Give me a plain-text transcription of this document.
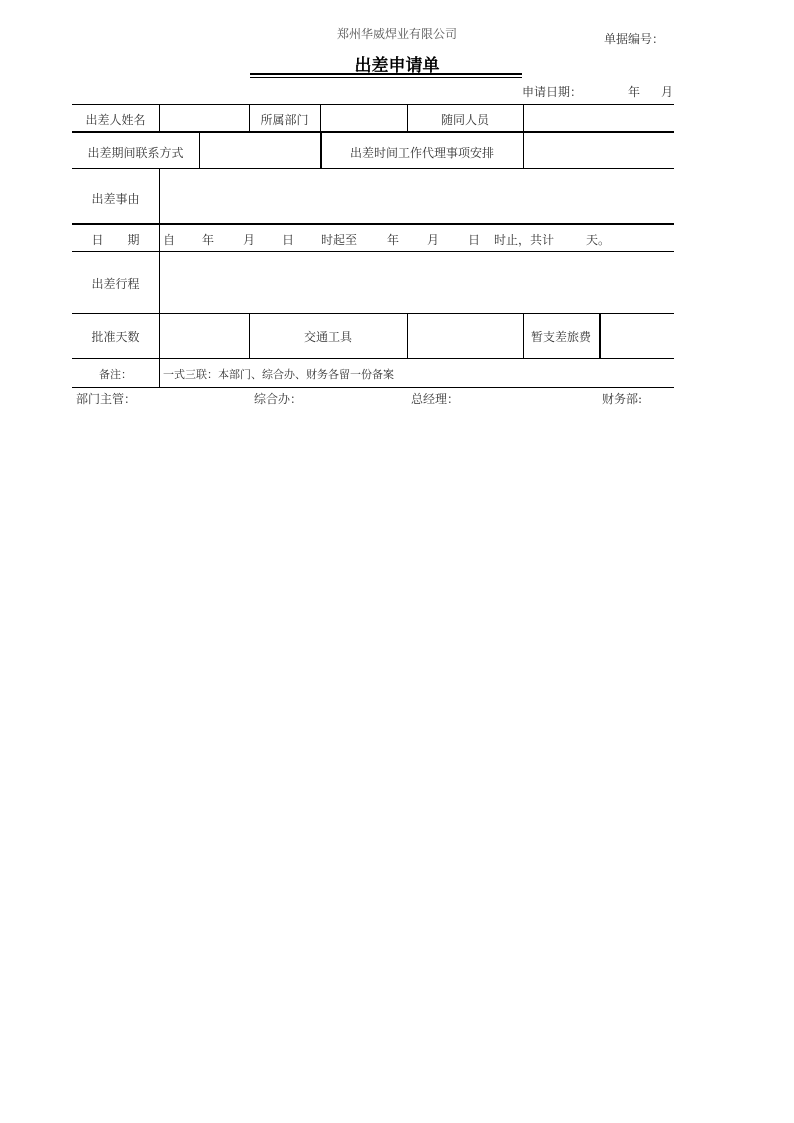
郑州华威焊业有限公司	单据编号：
出差申请单
申请日期：	年 月
出差人姓名	所属部门	随同人员
出差期间联系方式	出差时间工作代理事项安排
出差事由
日　　期	自 年 月 日 时起至 年 月 日 时止，共计	天。
出差行程
批准天数	交通工具	暂支差旅费
备注：	一式三联：本部门、综合办、财务各留一份备案
部门主管：	综合办：	总经理：	财务部:
